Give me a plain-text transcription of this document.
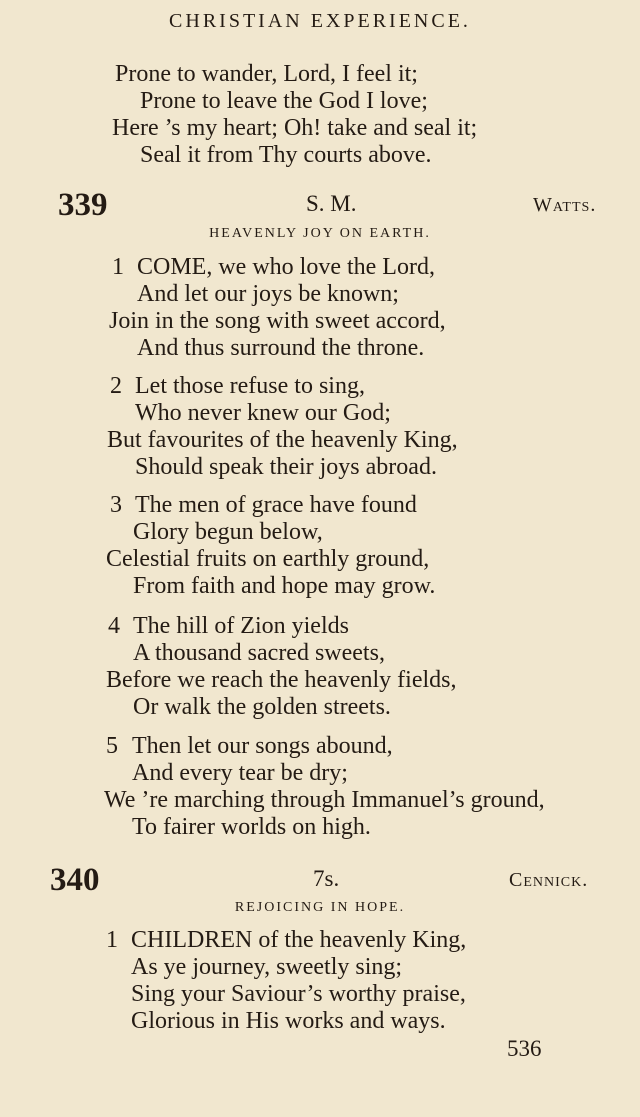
CHRISTIAN EXPERIENCE.
Prone to wander, Lord, I feel it;
Prone to leave the God I love;
Here ’s my heart; Oh! take and seal it;
Seal it from Thy courts above.
339	S. M.	Watts.
HEAVENLY JOY ON EARTH.
1 COME, we who love the Lord,
And let our joys be known;
Join in the song with sweet accord,
And thus surround the throne.
2 Let those refuse to sing,
Who never knew our God;
But favourites of the heavenly King,
Should speak their joys abroad.
3 The men of grace have found
Glory begun below,
Celestial fruits on earthly ground,
From faith and hope may grow.
4 The hill of Zion yields
A thousand sacred sweets,
Before we reach the heavenly fields,
Or walk the golden streets.
5 Then let our songs abound,
And every tear be dry;
We ’re marching through Immanuel’s ground,
To fairer worlds on high.
340	7s.	Cennick.
REJOICING IN HOPE.
1 CHILDREN of the heavenly King,
As ye journey, sweetly sing;
Sing your Saviour’s worthy praise,
Glorious in His works and ways.
536
